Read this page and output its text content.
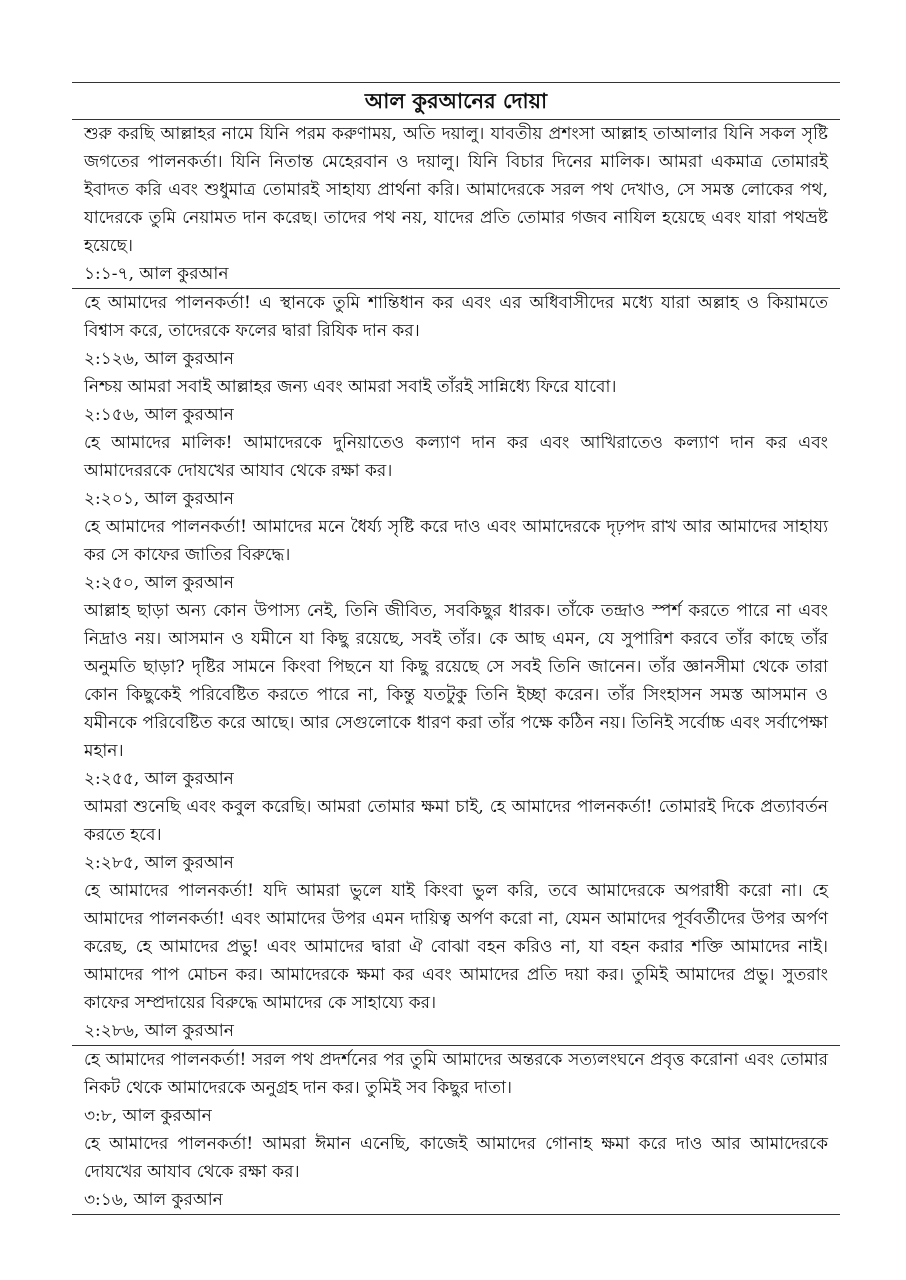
আল কুরআনের দোয়া

শুরু করছি আল্লাহর নামে যিনি পরম করুণাময়, অতি দয়ালু। যাবতীয় প্রশংসা আল্লাহ তাআলার যিনি সকল সৃষ্টি জগতের পালনকর্তা। যিনি নিতান্ত মেহেরবান ও দয়ালু। যিনি বিচার দিনের মালিক। আমরা একমাত্র তোমারই ইবাদত করি এবং শুধুমাত্র তোমারই সাহায্য প্রার্থনা করি। আমাদেরকে সরল পথ দেখাও, সে সমস্ত লোকের পথ, যাদেরকে তুমি নেয়ামত দান করেছ। তাদের পথ নয়, যাদের প্রতি তোমার গজব নাযিল হয়েছে এবং যারা পথভ্রষ্ট হয়েছে।

১:১-৭, আল কুরআন

হে আমাদের পালনকর্তা! এ স্থানকে তুমি শান্তিধান কর এবং এর অধিবাসীদের মধ্যে যারা অল্লাহ ও কিয়ামতে বিশ্বাস করে, তাদেরকে ফলের দ্বারা রিযিক দান কর।

২:১২৬, আল কুরআন

নিশ্চয় আমরা সবাই আল্লাহর জন্য এবং আমরা সবাই তাঁরই সান্নিধ্যে ফিরে যাবো।

২:১৫৬, আল কুরআন

হে আমাদের মালিক! আমাদেরকে দুনিয়াতেও কল্যাণ দান কর এবং আখিরাতেও কল্যাণ দান কর এবং আমাদেররকে দোযখের আযাব থেকে রক্ষা কর।

২:২০১, আল কুরআন

হে আমাদের পালনকর্তা! আমাদের মনে ধৈর্য্য সৃষ্টি করে দাও এবং আমাদেরকে দৃঢ়পদ রাখ আর আমাদের সাহায্য কর সে কাফের জাতির বিরুদ্ধে।

২:২৫০, আল কুরআন

আল্লাহ ছাড়া অন্য কোন উপাস্য নেই, তিনি জীবিত, সবকিছুর ধারক। তাঁকে তন্দ্রাও স্পর্শ করতে পারে না এবং নিদ্রাও নয়। আসমান ও যমীনে যা কিছু রয়েছে, সবই তাঁর। কে আছ এমন, যে সুপারিশ করবে তাঁর কাছে তাঁর অনুমতি ছাড়া? দৃষ্টির সামনে কিংবা পিছনে যা কিছু রয়েছে সে সবই তিনি জানেন। তাঁর জ্ঞানসীমা থেকে তারা কোন কিছুকেই পরিবেষ্টিত করতে পারে না, কিন্তু যতটুকু তিনি ইচ্ছা করেন। তাঁর সিংহাসন সমস্ত আসমান ও যমীনকে পরিবেষ্টিত করে আছে। আর সেগুলোকে ধারণ করা তাঁর পক্ষে কঠিন নয়। তিনিই সর্বোচ্চ এবং সর্বাপেক্ষা মহান।

২:২৫৫, আল কুরআন

আমরা শুনেছি এবং কবুল করেছি। আমরা তোমার ক্ষমা চাই, হে আমাদের পালনকর্তা! তোমারই দিকে প্রত্যাবর্তন করতে হবে।

২:২৮৫, আল কুরআন

হে আমাদের পালনকর্তা! যদি আমরা ভুলে যাই কিংবা ভুল করি, তবে আমাদেরকে অপরাধী করো না। হে আমাদের পালনকর্তা! এবং আমাদের উপর এমন দায়িত্ব অর্পণ করো না, যেমন আমাদের পূর্ববর্তীদের উপর অর্পণ করেছ, হে আমাদের প্রভু! এবং আমাদের দ্বারা ঐ বোঝা বহন করিও না, যা বহন করার শক্তি আমাদের নাই। আমাদের পাপ মোচন কর। আমাদেরকে ক্ষমা কর এবং আমাদের প্রতি দয়া কর। তুমিই আমাদের প্রভু। সুতরাং কাফের সম্প্রদায়ের বিরুদ্ধে আমাদের কে সাহায্যে কর।

২:২৮৬, আল কুরআন

হে আমাদের পালনকর্তা! সরল পথ প্রদর্শনের পর তুমি আমাদের অন্তরকে সত্যলংঘনে প্রবৃত্ত করোনা এবং তোমার নিকট থেকে আমাদেরকে অনুগ্রহ দান কর। তুমিই সব কিছুর দাতা।

৩:৮, আল কুরআন

হে আমাদের পালনকর্তা! আমরা ঈমান এনেছি, কাজেই আমাদের গোনাহ ক্ষমা করে দাও আর আমাদেরকে দোযখের আযাব থেকে রক্ষা কর।

৩:১৬, আল কুরআন
